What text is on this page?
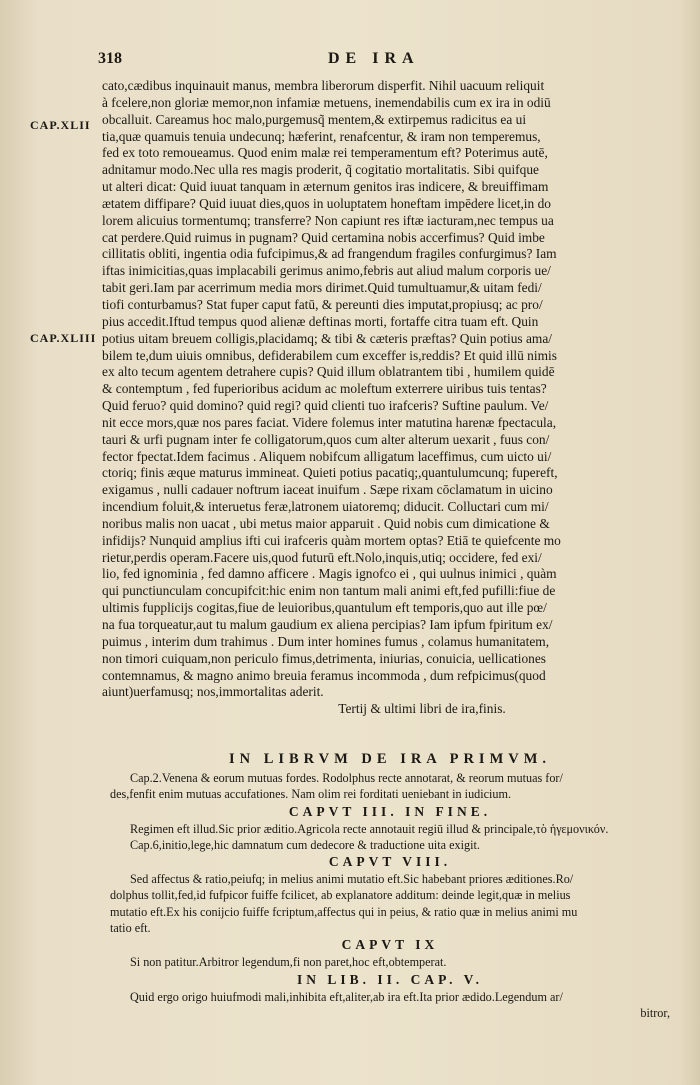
318	DE IRA
CAP.XLII
CAP.XLIII
cato,cædibus inquinauit manus, membra liberorum disperfit. Nihil uacuum reliquit
à fcelere,non gloriæ memor,non infamiæ metuens, inemendabilis cum ex ira in odiū
obcalluit. Careamus hoc malo,purgemusq̃ mentem,& extirpemus radicitus ea ui
tia,quæ quamuis tenuia undecunq; hæferint, renafcentur, & iram non temperemus,
fed ex toto remoueamus. Quod enim malæ rei temperamentum eft? Poterimus autē,
adnitamur modo.Nec ulla res magis proderit, q̃ cogitatio mortalitatis. Sibi quifque
ut alteri dicat: Quid iuuat tanquam in æternum genitos iras indicere, & breuiffimam
ætatem diffipare? Quid iuuat dies,quos in uoluptatem honeftam impēdere licet,in do
lorem alicuius tormentumq; transferre? Non capiunt res iftæ iacturam,nec tempus ua
cat perdere.Quid ruimus in pugnam? Quid certamina nobis accerfimus? Quid imbe
cillitatis obliti, ingentia odia fufcipimus,& ad frangendum fragiles confurgimus? Iam
iftas inimicitias,quas implacabili gerimus animo,febris aut aliud malum corporis ue/
tabit geri.Iam par acerrimum media mors dirimet.Quid tumultuamur,& uitam fedi/
tiofi conturbamus? Stat fuper caput fatū, & pereunti dies imputat,propiusq; ac pro/
pius accedit.Iftud tempus quod alienæ deftinas morti, fortaffe citra tuam eft. Quin
potius uitam breuem colligis,placidamq; & tibi & cæteris præftas? Quin potius ama/
bilem te,dum uiuis omnibus, defiderabilem cum exceffer is,reddis? Et quid illū nimis
ex alto tecum agentem detrahere cupis? Quid illum oblatrantem tibi , humilem quidē
& contemptum , fed fuperioribus acidum ac moleftum exterrere uiribus tuis tentas?
Quid feruo? quid domino? quid regi? quid clienti tuo irafceris? Suftine paulum. Ve/
nit ecce mors,quæ nos pares faciat. Videre folemus inter matutina harenæ fpectacula,
tauri & urfi pugnam inter fe colligatorum,quos cum alter alterum uexarit , fuus con/
fector fpectat.Idem facimus . Aliquem nobifcum alligatum laceffimus, cum uicto ui/
ctoriq; finis æque maturus immineat. Quieti potius pacatiq;,quantulumcunq; fupereft,
exigamus , nulli cadauer noftrum iaceat inuifum . Sæpe rixam cōclamatum in uicino
incendium foluit,& interuetus feræ,latronem uiatoremq; diducit. Colluctari cum mi/
noribus malis non uacat , ubi metus maior apparuit . Quid nobis cum dimicatione &
infidijs? Nunquid amplius ifti cui irafceris quàm mortem optas? Etiā te quiefcente mo
rietur,perdis operam.Facere uis,quod futurū eft.Nolo,inquis,utiq; occidere, fed exi/
lio, fed ignominia , fed damno afficere . Magis ignofco ei , qui uulnus inimici , quàm
qui punctiunculam concupifcit:hic enim non tantum mali animi eft,fed pufilli:fiue de
ultimis fupplicijs cogitas,fiue de leuioribus,quantulum eft temporis,quo aut ille pœ/
na fua torqueatur,aut tu malum gaudium ex aliena percipias? Iam ipfum fpiritum ex/
puimus , interim dum trahimus . Dum inter homines fumus , colamus humanitatem,
non timori cuiquam,non periculo fimus,detrimenta, iniurias, conuicia, uellicationes
contemnamus, & magno animo breuia feramus incommoda , dum refpicimus(quod
aiunt)uerfamusq; nos,immortalitas aderit.
Tertij & ultimi libri de ira,finis.
IN LIBRVM DE IRA PRIMVM.
Cap.2.Venena & eorum mutuas fordes. Rodolphus recte annotarat, & reorum mutuas for/
des,fenfit enim mutuas accufationes. Nam olim rei forditati ueniebant in iudicium.
CAPVT III. IN FINE.
Regimen eft illud.Sic prior æditio.Agricola recte annotauit regiū illud & principale,τὸ ἡγεμονικόν.
Cap.6,initio,lege,hic damnatum cum dedecore & traductione uita exigit.
CAPVT VIII.
Sed affectus & ratio,peiufq; in melius animi mutatio eft.Sic habebant priores æditiones.Ro/
dolphus tollit,fed,id fufpicor fuiffe fcilicet, ab explanatore additum: deinde legit,quæ in melius
mutatio eft.Ex his conijcio fuiffe fcriptum,affectus qui in peius, & ratio quæ in melius animi mu
tatio eft.
CAPVT IX
Si non patitur.Arbitror legendum,fi non paret,hoc eft,obtemperat.
IN LIB. II. CAP. V.
Quid ergo origo huiufmodi mali,inhibita eft,aliter,ab ira eft.Ita prior ædido.Legendum ar/
bitror,
